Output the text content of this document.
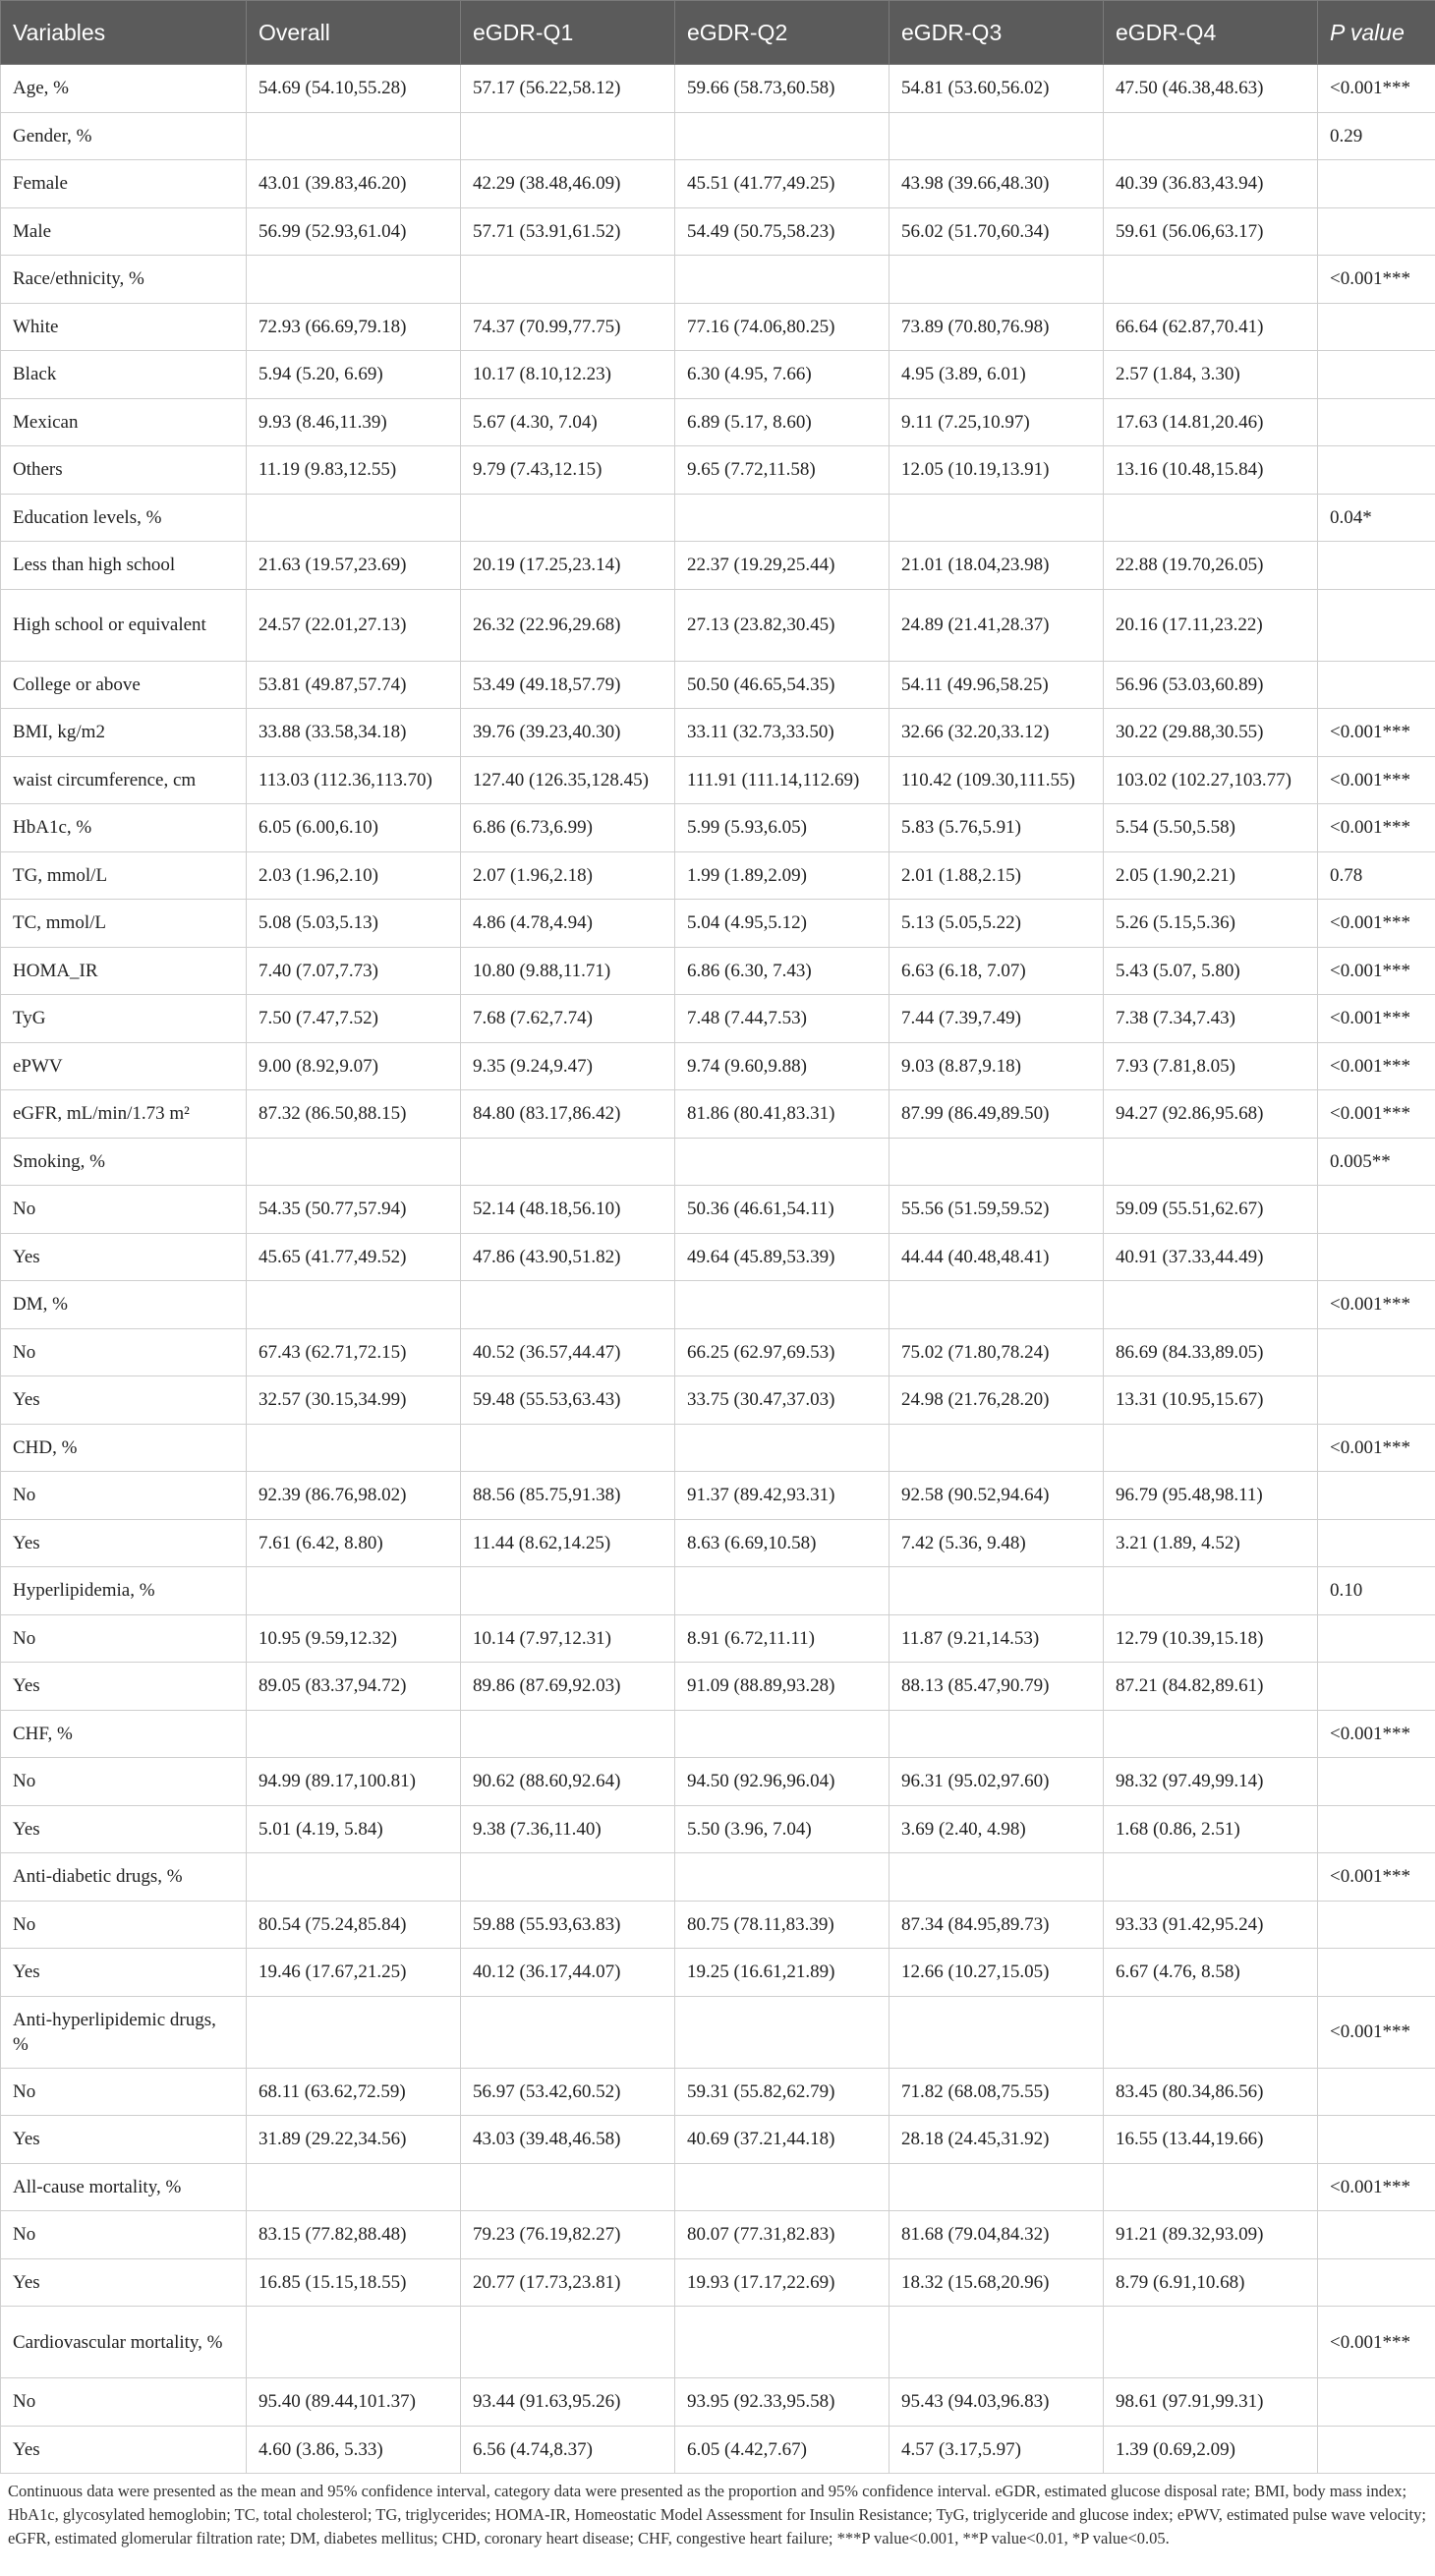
Variables	Overall	eGDR-Q1	eGDR-Q2	eGDR-Q3	eGDR-Q4	P value
Age, %	54.69 (54.10,55.28)	57.17 (56.22,58.12)	59.66 (58.73,60.58)	54.81 (53.60,56.02)	47.50 (46.38,48.63)	<0.001***
Gender, %						0.29
Female	43.01 (39.83,46.20)	42.29 (38.48,46.09)	45.51 (41.77,49.25)	43.98 (39.66,48.30)	40.39 (36.83,43.94)	
Male	56.99 (52.93,61.04)	57.71 (53.91,61.52)	54.49 (50.75,58.23)	56.02 (51.70,60.34)	59.61 (56.06,63.17)	
Race/ethnicity, %						<0.001***
White	72.93 (66.69,79.18)	74.37 (70.99,77.75)	77.16 (74.06,80.25)	73.89 (70.80,76.98)	66.64 (62.87,70.41)	
Black	5.94 (5.20, 6.69)	10.17 (8.10,12.23)	6.30 (4.95, 7.66)	4.95 (3.89, 6.01)	2.57 (1.84, 3.30)	
Mexican	9.93 (8.46,11.39)	5.67 (4.30, 7.04)	6.89 (5.17, 8.60)	9.11 (7.25,10.97)	17.63 (14.81,20.46)	
Others	11.19 (9.83,12.55)	9.79 (7.43,12.15)	9.65 (7.72,11.58)	12.05 (10.19,13.91)	13.16 (10.48,15.84)	
Education levels, %						0.04*
Less than high school	21.63 (19.57,23.69)	20.19 (17.25,23.14)	22.37 (19.29,25.44)	21.01 (18.04,23.98)	22.88 (19.70,26.05)	
High school or equivalent	24.57 (22.01,27.13)	26.32 (22.96,29.68)	27.13 (23.82,30.45)	24.89 (21.41,28.37)	20.16 (17.11,23.22)	
College or above	53.81 (49.87,57.74)	53.49 (49.18,57.79)	50.50 (46.65,54.35)	54.11 (49.96,58.25)	56.96 (53.03,60.89)	
BMI, kg/m2	33.88 (33.58,34.18)	39.76 (39.23,40.30)	33.11 (32.73,33.50)	32.66 (32.20,33.12)	30.22 (29.88,30.55)	<0.001***
waist circumference, cm	113.03 (112.36,113.70)	127.40 (126.35,128.45)	111.91 (111.14,112.69)	110.42 (109.30,111.55)	103.02 (102.27,103.77)	<0.001***
HbA1c, %	6.05 (6.00,6.10)	6.86 (6.73,6.99)	5.99 (5.93,6.05)	5.83 (5.76,5.91)	5.54 (5.50,5.58)	<0.001***
TG, mmol/L	2.03 (1.96,2.10)	2.07 (1.96,2.18)	1.99 (1.89,2.09)	2.01 (1.88,2.15)	2.05 (1.90,2.21)	0.78
TC, mmol/L	5.08 (5.03,5.13)	4.86 (4.78,4.94)	5.04 (4.95,5.12)	5.13 (5.05,5.22)	5.26 (5.15,5.36)	<0.001***
HOMA_IR	7.40 (7.07,7.73)	10.80 (9.88,11.71)	6.86 (6.30, 7.43)	6.63 (6.18, 7.07)	5.43 (5.07, 5.80)	<0.001***
TyG	7.50 (7.47,7.52)	7.68 (7.62,7.74)	7.48 (7.44,7.53)	7.44 (7.39,7.49)	7.38 (7.34,7.43)	<0.001***
ePWV	9.00 (8.92,9.07)	9.35 (9.24,9.47)	9.74 (9.60,9.88)	9.03 (8.87,9.18)	7.93 (7.81,8.05)	<0.001***
eGFR, mL/min/1.73 m²	87.32 (86.50,88.15)	84.80 (83.17,86.42)	81.86 (80.41,83.31)	87.99 (86.49,89.50)	94.27 (92.86,95.68)	<0.001***
Smoking, %						0.005**
No	54.35 (50.77,57.94)	52.14 (48.18,56.10)	50.36 (46.61,54.11)	55.56 (51.59,59.52)	59.09 (55.51,62.67)	
Yes	45.65 (41.77,49.52)	47.86 (43.90,51.82)	49.64 (45.89,53.39)	44.44 (40.48,48.41)	40.91 (37.33,44.49)	
DM, %						<0.001***
No	67.43 (62.71,72.15)	40.52 (36.57,44.47)	66.25 (62.97,69.53)	75.02 (71.80,78.24)	86.69 (84.33,89.05)	
Yes	32.57 (30.15,34.99)	59.48 (55.53,63.43)	33.75 (30.47,37.03)	24.98 (21.76,28.20)	13.31 (10.95,15.67)	
CHD, %						<0.001***
No	92.39 (86.76,98.02)	88.56 (85.75,91.38)	91.37 (89.42,93.31)	92.58 (90.52,94.64)	96.79 (95.48,98.11)	
Yes	7.61 (6.42, 8.80)	11.44 (8.62,14.25)	8.63 (6.69,10.58)	7.42 (5.36, 9.48)	3.21 (1.89, 4.52)	
Hyperlipidemia, %						0.10
No	10.95 (9.59,12.32)	10.14 (7.97,12.31)	8.91 (6.72,11.11)	11.87 (9.21,14.53)	12.79 (10.39,15.18)	
Yes	89.05 (83.37,94.72)	89.86 (87.69,92.03)	91.09 (88.89,93.28)	88.13 (85.47,90.79)	87.21 (84.82,89.61)	
CHF, %						<0.001***
No	94.99 (89.17,100.81)	90.62 (88.60,92.64)	94.50 (92.96,96.04)	96.31 (95.02,97.60)	98.32 (97.49,99.14)	
Yes	5.01 (4.19, 5.84)	9.38 (7.36,11.40)	5.50 (3.96, 7.04)	3.69 (2.40, 4.98)	1.68 (0.86, 2.51)	
Anti-diabetic drugs, %						<0.001***
No	80.54 (75.24,85.84)	59.88 (55.93,63.83)	80.75 (78.11,83.39)	87.34 (84.95,89.73)	93.33 (91.42,95.24)	
Yes	19.46 (17.67,21.25)	40.12 (36.17,44.07)	19.25 (16.61,21.89)	12.66 (10.27,15.05)	6.67 (4.76, 8.58)	
Anti-hyperlipidemic drugs, %						<0.001***
No	68.11 (63.62,72.59)	56.97 (53.42,60.52)	59.31 (55.82,62.79)	71.82 (68.08,75.55)	83.45 (80.34,86.56)	
Yes	31.89 (29.22,34.56)	43.03 (39.48,46.58)	40.69 (37.21,44.18)	28.18 (24.45,31.92)	16.55 (13.44,19.66)	
All-cause mortality, %						<0.001***
No	83.15 (77.82,88.48)	79.23 (76.19,82.27)	80.07 (77.31,82.83)	81.68 (79.04,84.32)	91.21 (89.32,93.09)	
Yes	16.85 (15.15,18.55)	20.77 (17.73,23.81)	19.93 (17.17,22.69)	18.32 (15.68,20.96)	8.79 (6.91,10.68)	
Cardiovascular mortality, %						<0.001***
No	95.40 (89.44,101.37)	93.44 (91.63,95.26)	93.95 (92.33,95.58)	95.43 (94.03,96.83)	98.61 (97.91,99.31)	
Yes	4.60 (3.86, 5.33)	6.56 (4.74,8.37)	6.05 (4.42,7.67)	4.57 (3.17,5.97)	1.39 (0.69,2.09)	
Continuous data were presented as the mean and 95% confidence interval, category data were presented as the proportion and 95% confidence interval. eGDR, estimated glucose disposal rate; BMI, body mass index; HbA1c, glycosylated hemoglobin; TC, total cholesterol; TG, triglycerides; HOMA-IR, Homeostatic Model Assessment for Insulin Resistance; TyG, triglyceride and glucose index; ePWV, estimated pulse wave velocity; eGFR, estimated glomerular filtration rate; DM, diabetes mellitus; CHD, coronary heart disease; CHF, congestive heart failure; ***P value<0.001, **P value<0.01, *P value<0.05.
